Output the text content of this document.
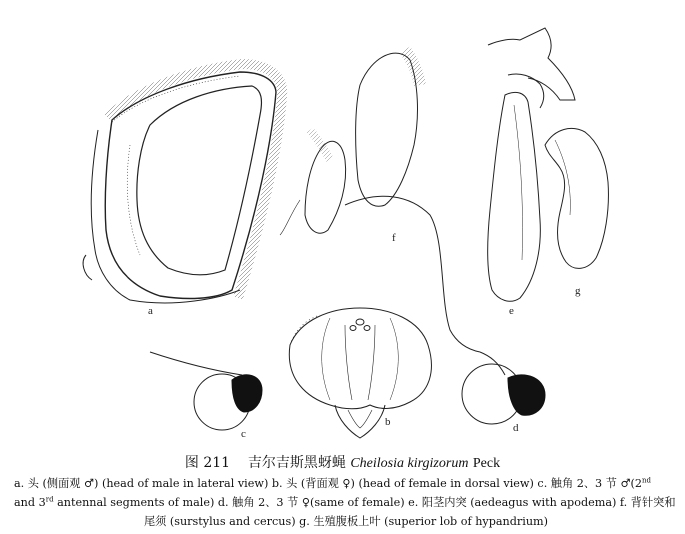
a
b
c	d
e
f
g
图 211 吉尔吉斯黑蚜蝇 Cheilosia kirgizorum Peck
a. 头 (侧面观 ♂) (head of male in lateral view) b. 头 (背面观 ♀) (head of female in dorsal view) c. 触角 2、3 节 ♂(2nd
and 3rd antennal segments of male) d. 触角 2、3 节 ♀(same of female) e. 阳茎内突 (aedeagus with apodema) f. 背针突和
尾须 (surstylus and cercus) g. 生殖腹板上叶 (superior lob of hypandrium)
